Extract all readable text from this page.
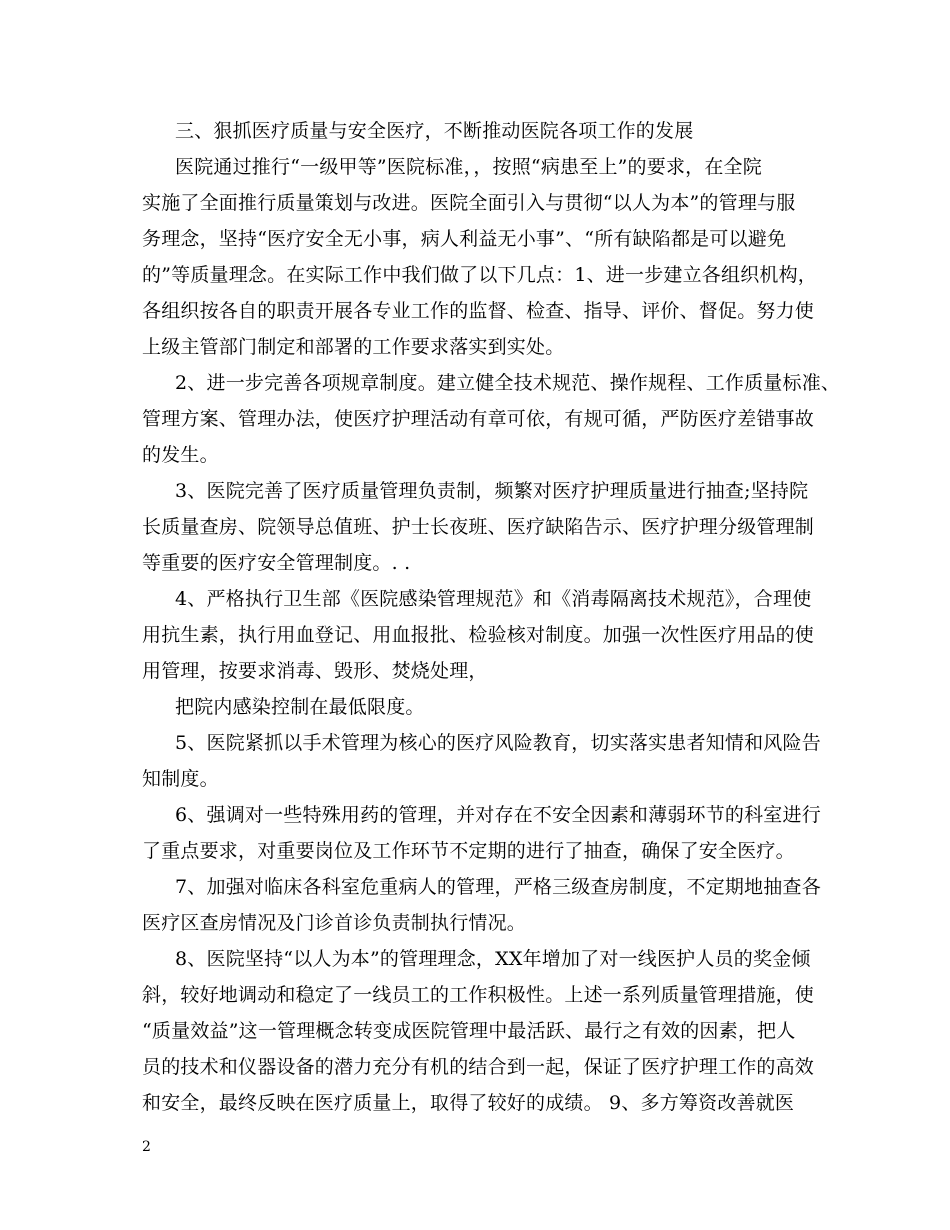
三、狠抓医疗质量与安全医疗，不断推动医院各项工作的发展
医院通过推行“一级甲等”医院标准，，按照“病患至上”的要求，在全院
实施了全面推行质量策划与改进。医院全面引入与贯彻“以人为本”的管理与服
务理念，坚持“医疗安全无小事，病人利益无小事”、“所有缺陷都是可以避免
的”等质量理念。在实际工作中我们做了以下几点：1、进一步建立各组织机构，
各组织按各自的职责开展各专业工作的监督、检查、指导、评价、督促。努力使
上级主管部门制定和部署的工作要求落实到实处。
2、进一步完善各项规章制度。建立健全技术规范、操作规程、工作质量标准、
管理方案、管理办法，使医疗护理活动有章可依，有规可循，严防医疗差错事故
的发生。
3、医院完善了医疗质量管理负责制，频繁对医疗护理质量进行抽查;坚持院
长质量查房、院领导总值班、护士长夜班、医疗缺陷告示、医疗护理分级管理制
等重要的医疗安全管理制度。. .
4、严格执行卫生部《医院感染管理规范》和《消毒隔离技术规范》，合理使
用抗生素，执行用血登记、用血报批、检验核对制度。加强一次性医疗用品的使
用管理，按要求消毒、毁形、焚烧处理，
把院内感染控制在最低限度。
5、医院紧抓以手术管理为核心的医疗风险教育，切实落实患者知情和风险告
知制度。
6、强调对一些特殊用药的管理，并对存在不安全因素和薄弱环节的科室进行
了重点要求，对重要岗位及工作环节不定期的进行了抽查，确保了安全医疗。
7、加强对临床各科室危重病人的管理，严格三级查房制度，不定期地抽查各
医疗区查房情况及门诊首诊负责制执行情况。
8、医院坚持“以人为本”的管理理念，XX年增加了对一线医护人员的奖金倾
斜，较好地调动和稳定了一线员工的工作积极性。上述一系列质量管理措施，使
“质量效益”这一管理概念转变成医院管理中最活跃、最行之有效的因素，把人
员的技术和仪器设备的潜力充分有机的结合到一起，保证了医疗护理工作的高效
和安全，最终反映在医疗质量上，取得了较好的成绩。 9、多方筹资改善就医
2
